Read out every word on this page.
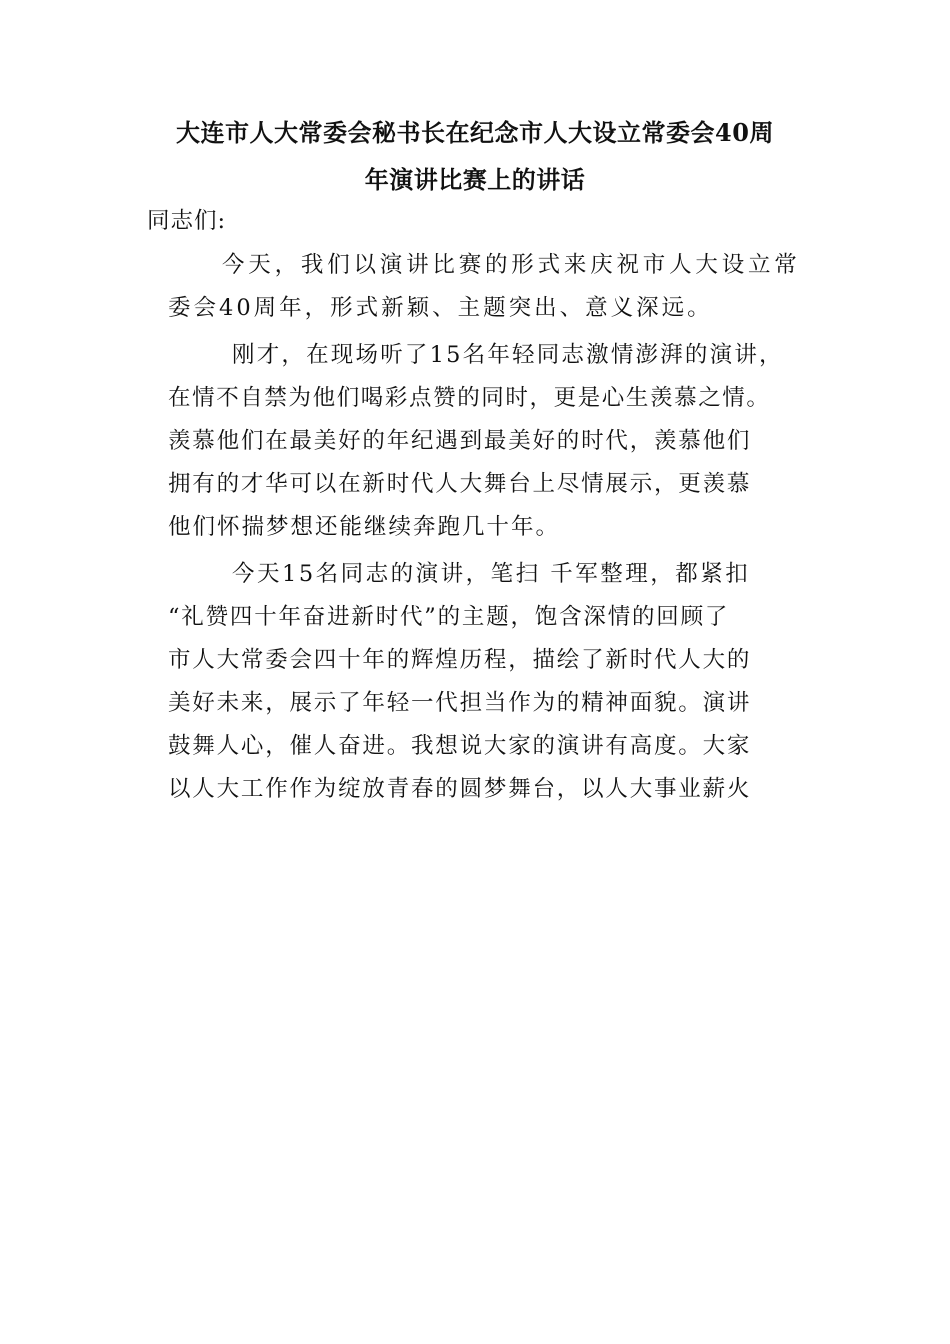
大连市人大常委会秘书长在纪念市人大设立常委会40周
年演讲比赛上的讲话
同志们:
今天，我们以演讲比赛的形式来庆祝市人大设立常
委会40周年，形式新颖、主题突出、意义深远。
刚才，在现场听了15名年轻同志激情澎湃的演讲，
在情不自禁为他们喝彩点赞的同时，更是心生羡慕之情。
羡慕他们在最美好的年纪遇到最美好的时代，羡慕他们
拥有的才华可以在新时代人大舞台上尽情展示，更羡慕
他们怀揣梦想还能继续奔跑几十年。
今天15名同志的演讲，笔扫 千军整理，都紧扣
“礼赞四十年奋进新时代”的主题，饱含深情的回顾了
市人大常委会四十年的辉煌历程，描绘了新时代人大的
美好未来，展示了年轻一代担当作为的精神面貌。演讲
鼓舞人心，催人奋进。我想说大家的演讲有高度。大家
以人大工作作为绽放青春的圆梦舞台，以人大事业薪火
